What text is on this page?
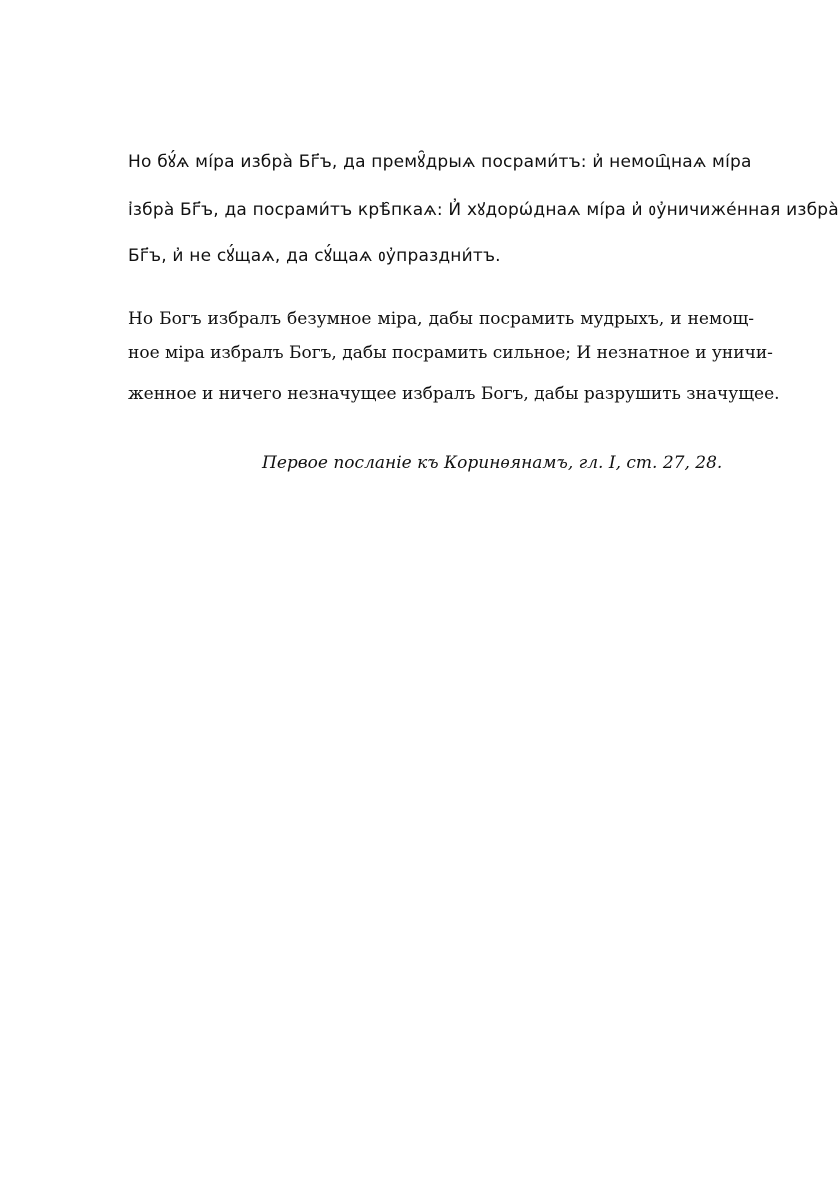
Но бꙋ́ѧ мі́ра избра̀ Бг҃ъ, да премꙋ̑дрыѧ посрами́тъ: и҆ немощ҄наѧ мі́ра
і҆збра̀ Бг҃ъ, да посрами́тъ крѣ̑пкаѧ: И҆ хꙋдорѡ́днаѧ мі́ра и҆ ᲂу҆ничиже́нная избра̀
Бг҃ъ, и҆ не сꙋ́щаѧ, да сꙋ́щаѧ ᲂу҆праздни́тъ.
Но Богъ избралъ безумное міра, дабы посрамить мудрыхъ, и немощ-
ное міра избралъ Богъ, дабы посрамить сильное; И незнатное и уничи-
женное и ничего незначущее избралъ Богъ, дабы разрушить значущее.
Первое посланіе къ Коринѳянамъ, гл. I, ст. 27, 28.
